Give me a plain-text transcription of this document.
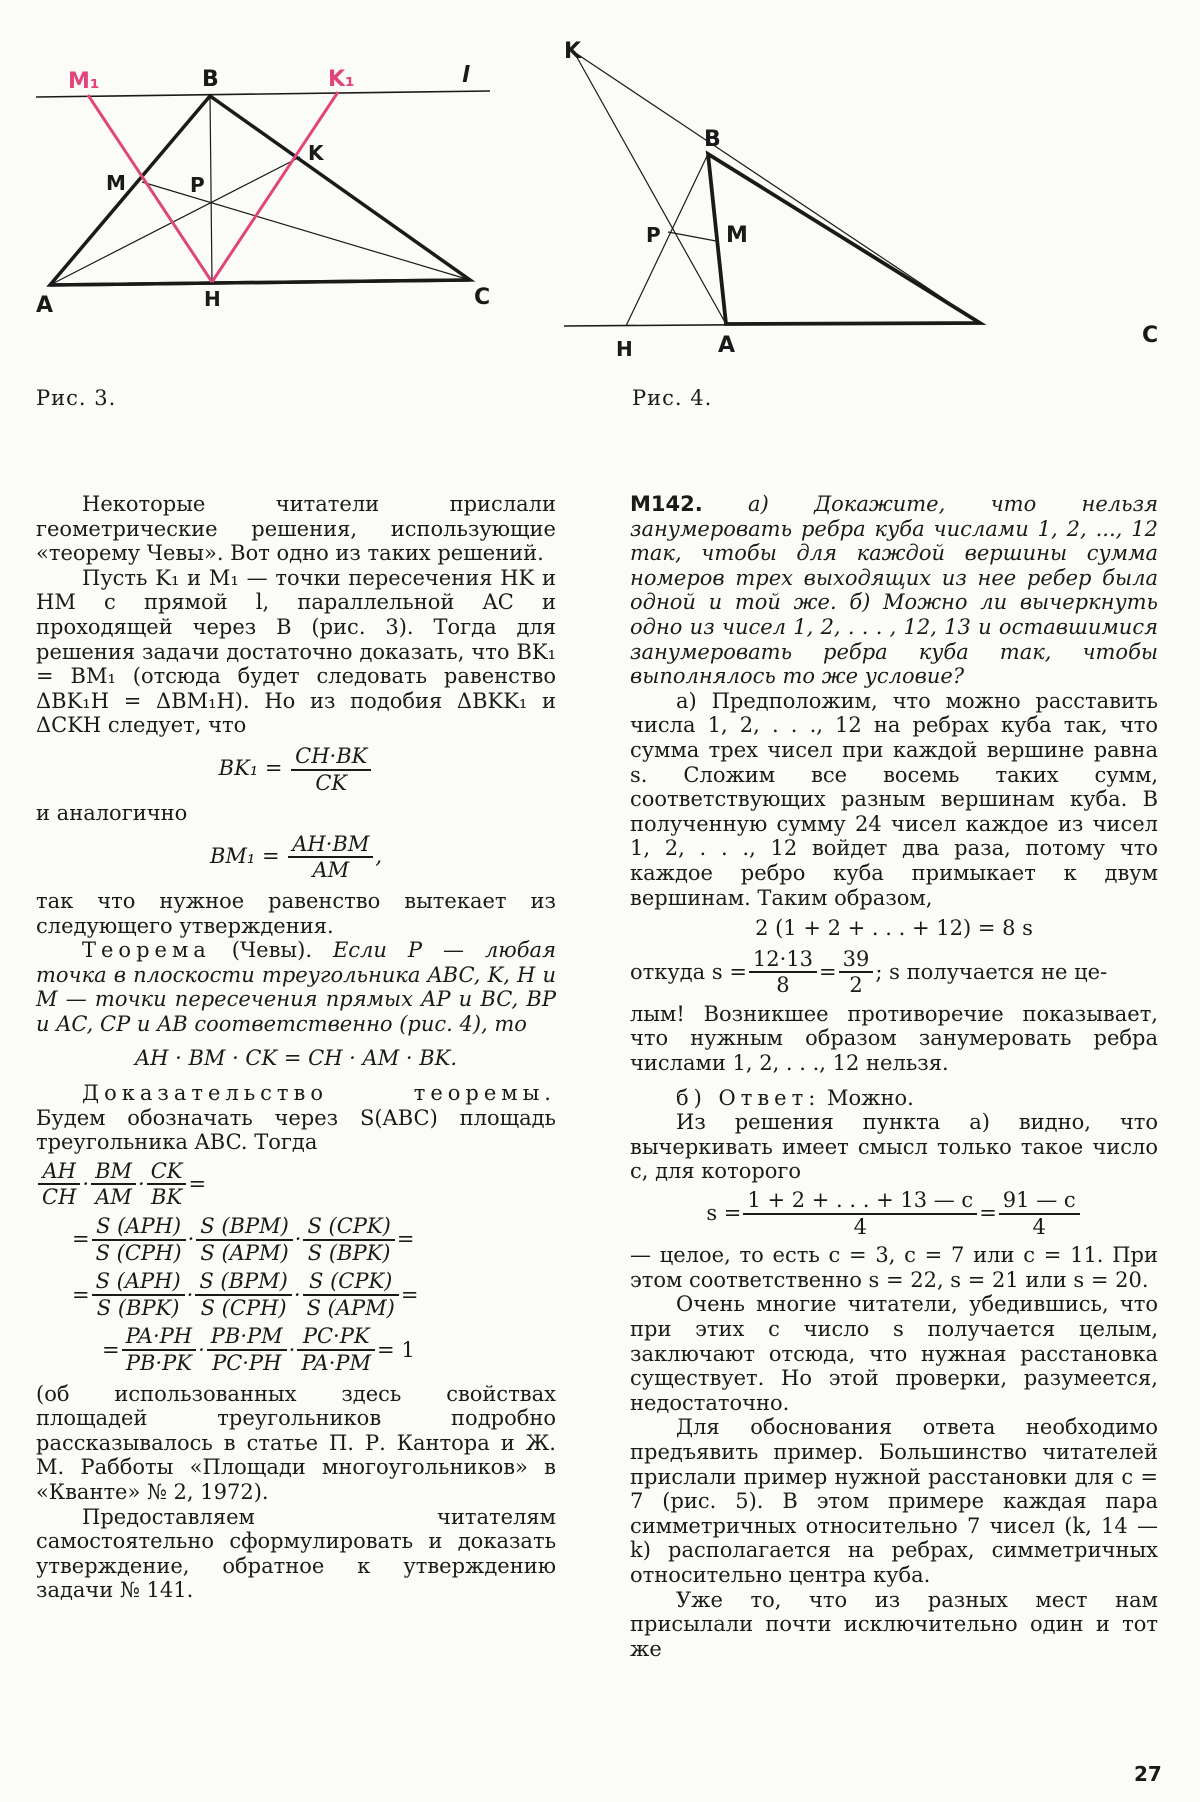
M₁	B	K₁	l
K
M	P
A	H	C
Рис. 3.
K
B
P	M
H	A	C
Рис. 4.

Некоторые читатели прислали геометрические решения, использующие «теорему Чевы». Вот одно из таких решений.

Пусть K₁ и M₁ — точки пересечения HK и HM с прямой l, параллельной AC и проходящей через B (рис. 3). Тогда для решения задачи достаточно доказать, что BK₁ = BM₁ (отсюда будет следовать равенство ΔBK₁H = ΔBM₁H). Но из подобия ΔBKK₁ и ΔCKH следует, что

$BK_1 = \frac{CH\cdot BK}{CK}$

и аналогично

$BM_1 = \frac{AH\cdot BM}{AM}$ ,

так что нужное равенство вытекает из следующего утверждения.

Теорема (Чевы). Если P — любая точка в плоскости треугольника ABC, K, H и M — точки пересечения прямых AP и BC, BP и AC, CP и AB соответственно (рис. 4), то

AH · BM · CK = CH · AM · BK.

Доказательство теоремы. Будем обозначать через S(ABC) площадь треугольника ABC. Тогда

$\frac{AH}{CH} \cdot \frac{BM}{AM} \cdot \frac{CK}{BK}$ =
= $\frac{\text{S (APH)}}{\text{S (CPH)}} \cdot \frac{\text{S (BPM)}}{\text{S (APM)}} \cdot \frac{\text{S (CPK)}}{\text{S (BPK)}}$ =
= $\frac{\text{S (APH)}}{\text{S (BPK)}} \cdot \frac{\text{S (BPM)}}{\text{S (CPH)}} \cdot \frac{\text{S (CPK)}}{\text{S (APM)}}$ =
= $\frac{PA\cdot PH}{PB\cdot PK} \cdot \frac{PB\cdot PM}{PC\cdot PH} \cdot \frac{PC\cdot PK}{PA\cdot PM} = 1$

(об использованных здесь свойствах площадей треугольников подробно рассказывалось в статье П. Р. Кантора и Ж. М. Рабботы «Площади многоугольников» в «Кванте» № 2, 1972).

Предоставляем читателям самостоятельно сформулировать и доказать утверждение, обратное к утверждению задачи № 141.

М142. а) Докажите, что нельзя занумеровать ребра куба числами 1, 2, ..., 12 так, чтобы для каждой вершины сумма номеров трех выходящих из нее ребер была одной и той же. б) Можно ли вычеркнуть одно из чисел 1, 2, . . . , 12, 13 и оставшимися занумеровать ребра куба так, чтобы выполнялось то же условие?

а) Предположим, что можно расставить числа 1, 2, . . ., 12 на ребрах куба так, что сумма трех чисел при каждой вершине равна s. Сложим все восемь таких сумм, соответствующих разным вершинам куба. В полученную сумму 24 чисел каждое из чисел 1, 2, . . ., 12 войдет два раза, потому что каждое ребро куба примыкает к двум вершинам. Таким образом,

2 (1 + 2 + . . . + 12) = 8 s
откуда $s = \frac{12\cdot 13}{8} = \frac{39}{2}$ ; s получается не це-

лым! Возникшее противоречие показывает, что нужным образом занумеровать ребра числами 1, 2, . . ., 12 нельзя.

б) Ответ: Можно.

Из решения пункта а) видно, что вычеркивать имеет смысл только такое число c, для которого

$s = \frac{1 + 2 + . . . + 13 — c}{4} = \frac{91 — c}{4}$

— целое, то есть c = 3, c = 7 или c = 11. При этом соответственно s = 22, s = 21 или s = 20.

Очень многие читатели, убедившись, что при этих c число s получается целым, заключают отсюда, что нужная расстановка существует. Но этой проверки, разумеется, недостаточно.

Для обоснования ответа необходимо предъявить пример. Большинство читателей прислали пример нужной расстановки для c = 7 (рис. 5). В этом примере каждая пара симметричных относительно 7 чисел (k, 14 — k) располагается на ребрах, симметричных относительно центра куба.

Уже то, что из разных мест нам присылали почти исключительно один и тот же

27
